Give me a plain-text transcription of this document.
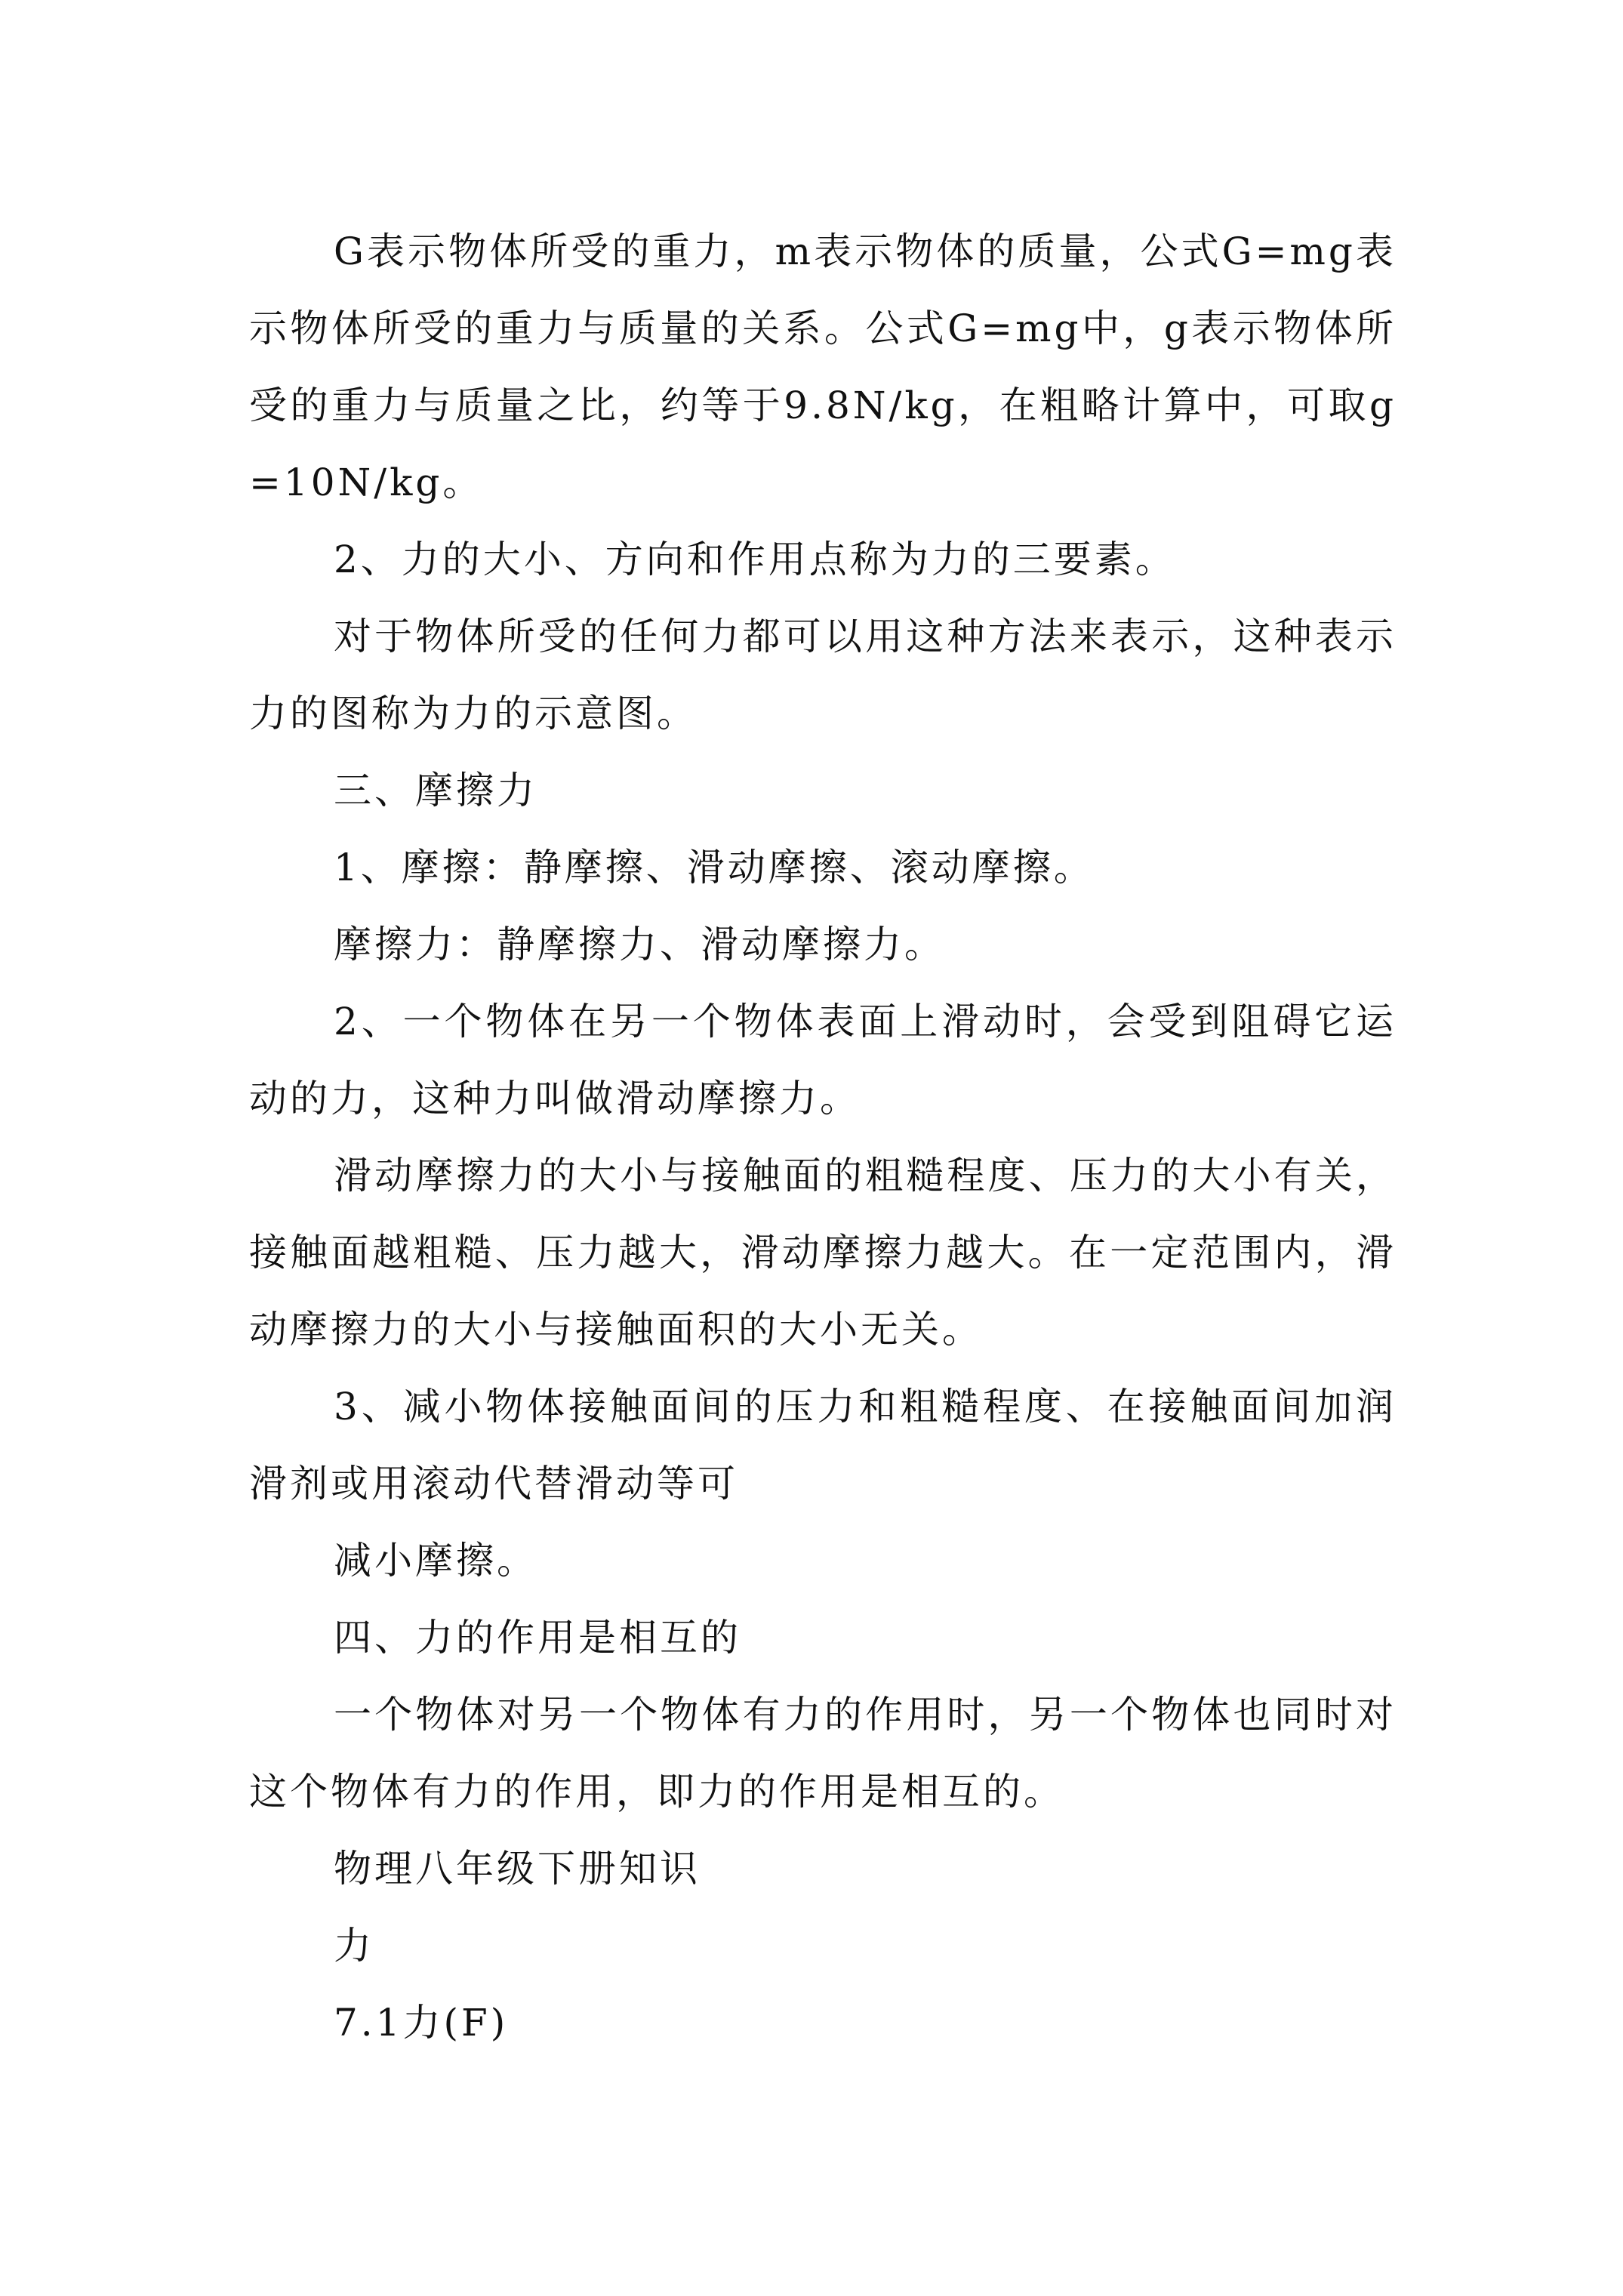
G表示物体所受的重力，m表示物体的质量，公式G=mg表示物体所受的重力与质量的关系。公式G=mg中，g表示物体所受的重力与质量之比，约等于9.8N/kg，在粗略计算中，可取g=10N/kg。

2、力的大小、方向和作用点称为力的三要素。

对于物体所受的任何力都可以用这种方法来表示，这种表示力的图称为力的示意图。

三、摩擦力

1、摩擦：静摩擦、滑动摩擦、滚动摩擦。

摩擦力：静摩擦力、滑动摩擦力。

2、一个物体在另一个物体表面上滑动时，会受到阻碍它运动的力，这种力叫做滑动摩擦力。

滑动摩擦力的大小与接触面的粗糙程度、压力的大小有关，接触面越粗糙、压力越大，滑动摩擦力越大。在一定范围内，滑动摩擦力的大小与接触面积的大小无关。

3、减小物体接触面间的压力和粗糙程度、在接触面间加润滑剂或用滚动代替滑动等可

减小摩擦。

四、力的作用是相互的

一个物体对另一个物体有力的作用时，另一个物体也同时对这个物体有力的作用，即力的作用是相互的。

物理八年级下册知识

力

7.1力(F)
